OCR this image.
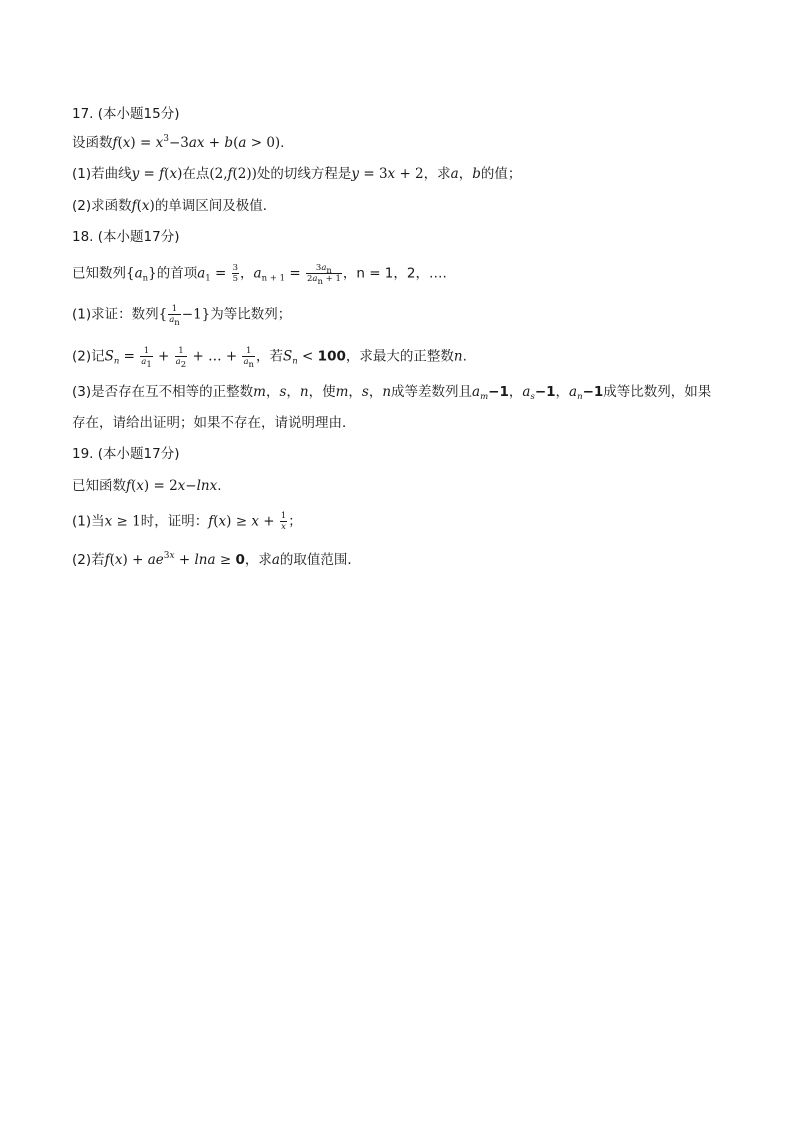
17. (本小题15分)
设函数$f(x) = x^3-3ax + b(a > 0)$.
(1)若曲线y = f(x)在点(2,f(2))处的切线方程是y = 3x + 2，求a，b的值；
(2)求函数f(x)的单调区间及极值．
18. (本小题17分)
已知数列$\{a_n\}$的首项$a_1 = \frac{3}{5}$ ，$a_{n + 1} = \frac{3a_n}{2a_n + 1}$ ，n = 1，2，….
(1)求证：数列{ $\frac{1}{a_n} -1$}为等比数列；
(2)记$S_n = \frac{1}{a_1} + \frac{1}{a_2}$ + … + $\frac{1}{a_n}$ ，若$S_n < 100$，求最大的正整数n.
(3)是否存在互不相等的正整数m，s，n，使m，s，n成等差数列且$a_m-1$，$a_s-1$，$a_n-1$成等比数列，如果
存在，请给出证明；如果不存在，请说明理由．
19. (本小题17分)
已知函数f(x) = 2x−lnx.
(1)当x ≥ 1时，证明：$f(x) \ge x + \frac{1}{x}$ ；
(2)若$f(x) + ae^{3x} + \ln a \ge 0$，求a的取值范围．
